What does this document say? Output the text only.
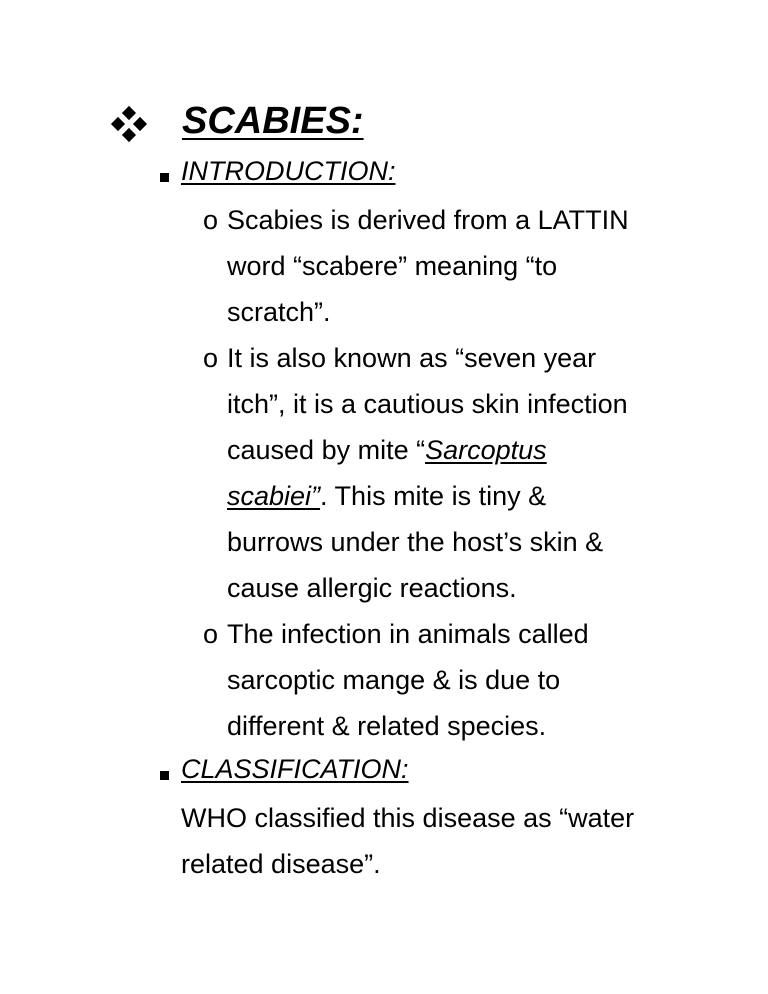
SCABIES:
INTRODUCTION:
o Scabies is derived from a LATTIN
word “scabere” meaning “to
scratch”.
o It is also known as “seven year
itch”, it is a cautious skin infection
caused by mite “Sarcoptus
scabiei”. This mite is tiny &
burrows under the host’s skin &
cause allergic reactions.
o The infection in animals called
sarcoptic mange & is due to
different & related species.
CLASSIFICATION:
WHO classified this disease as “water
related disease”.
